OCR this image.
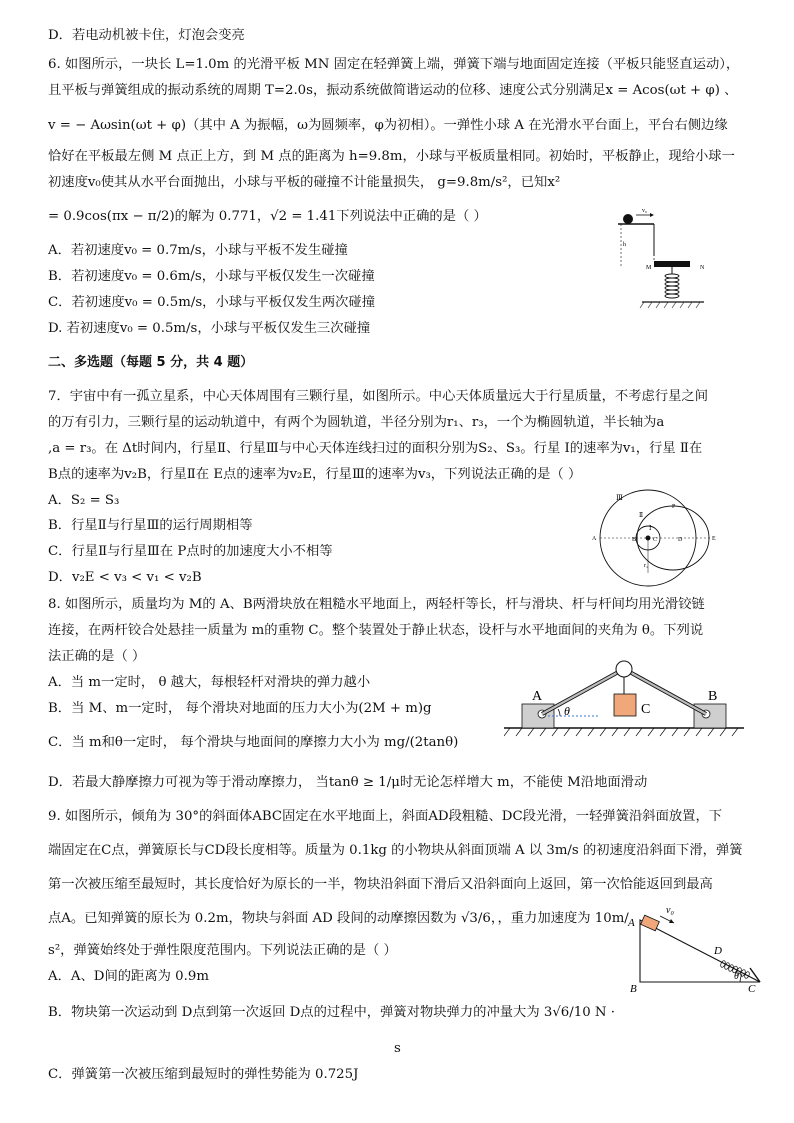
D．若电动机被卡住，灯泡会变亮
6. 如图所示，一块长 L=1.0m 的光滑平板 MN 固定在轻弹簧上端，弹簧下端与地面固定连接（平板只能竖直运动），
且平板与弹簧组成的振动系统的周期 T=2.0s，振动系统做简谐运动的位移、速度公式分别满足x = Acos(ωt + φ) 、
v = − Aωsin(ωt + φ)（其中 A 为振幅，ω为圆频率，φ为初相）。一弹性小球 A 在光滑水平台面上，平台右侧边缘
恰好在平板最左侧 M 点正上方，到 M 点的距离为 h=9.8m，小球与平板质量相同。初始时，平板静止，现给小球一
初速度v₀使其从水平台面抛出，小球与平板的碰撞不计能量损失， g=9.8m/s²，已知x²
= 0.9cos(πx − π/2)的解为 0.771，√2 = 1.41下列说法中正确的是（ ）
A．若初速度v₀ = 0.7m/s，小球与平板不发生碰撞
B．若初速度v₀ = 0.6m/s，小球与平板仅发生一次碰撞
C．若初速度v₀ = 0.5m/s，小球与平板仅发生两次碰撞
D. 若初速度v₀ = 0.5m/s，小球与平板仅发生三次碰撞
二、多选题（每题 5 分，共 4 题）
7．宇宙中有一孤立星系，中心天体周围有三颗行星，如图所示。中心天体质量远大于行星质量，不考虑行星之间
的万有引力，三颗行星的运动轨道中，有两个为圆轨道，半径分别为r₁、r₃，一个为椭圆轨道，半长轴为a
,a = r₃。在 Δt时间内，行星Ⅱ、行星Ⅲ与中心天体连线扫过的面积分别为S₂、S₃。行星 Ⅰ的速率为v₁，行星 Ⅱ在
B点的速率为v₂B，行星Ⅱ在 E点的速率为v₂E，行星Ⅲ的速率为v₃，下列说法正确的是（ ）
A．S₂ = S₃
B．行星Ⅱ与行星Ⅲ的运行周期相等
C．行星Ⅱ与行星Ⅲ在 P点时的加速度大小不相等
D．v₂E < v₃ < v₁ < v₂B
8. 如图所示，质量均为 M的 A、B两滑块放在粗糙水平地面上，两轻杆等长，杆与滑块、杆与杆间均用光滑铰链
连接，在两杆铰合处悬挂一质量为 m的重物 C。整个装置处于静止状态，设杆与水平地面间的夹角为 θ。下列说
法正确的是（ ）
A．当 m一定时， θ 越大，每根轻杆对滑块的弹力越小
B．当 M、m一定时， 每个滑块对地面的压力大小为(2M + m)g
C．当 m和θ一定时， 每个滑块与地面间的摩擦力大小为 mg/(2tanθ)
D．若最大静摩擦力可视为等于滑动摩擦力， 当tanθ ≥ 1/μ时无论怎样增大 m，不能使 M沿地面滑动
9. 如图所示，倾角为 30°的斜面体ABC固定在水平地面上，斜面AD段粗糙、DC段光滑，一轻弹簧沿斜面放置，下
端固定在C点，弹簧原长与CD段长度相等。质量为 0.1kg 的小物块从斜面顶端 A 以 3m/s 的初速度沿斜面下滑，弹簧
第一次被压缩至最短时，其长度恰好为原长的一半，物块沿斜面下滑后又沿斜面向上返回，第一次恰能返回到最高
点A。已知弹簧的原长为 0.2m，物块与斜面 AD 段间的动摩擦因数为 √3/6，，重力加速度为 10m/
s²，弹簧始终处于弹性限度范围内。下列说法正确的是（ ）
A．A、D间的距离为 0.9m
B．物块第一次运动到 D点到第一次返回 D点的过程中，弹簧对物块弹力的冲量大为 3√6/10 N ·
s
C．弹簧第一次被压缩到最短时的弹性势能为 0.725J
v₀
h
M	N
r₁
Ⅰ
Ⅱ
Ⅲ
A	B	C	D	E
P
C
θ
A	B
v₀
θ
A
B	C
D
